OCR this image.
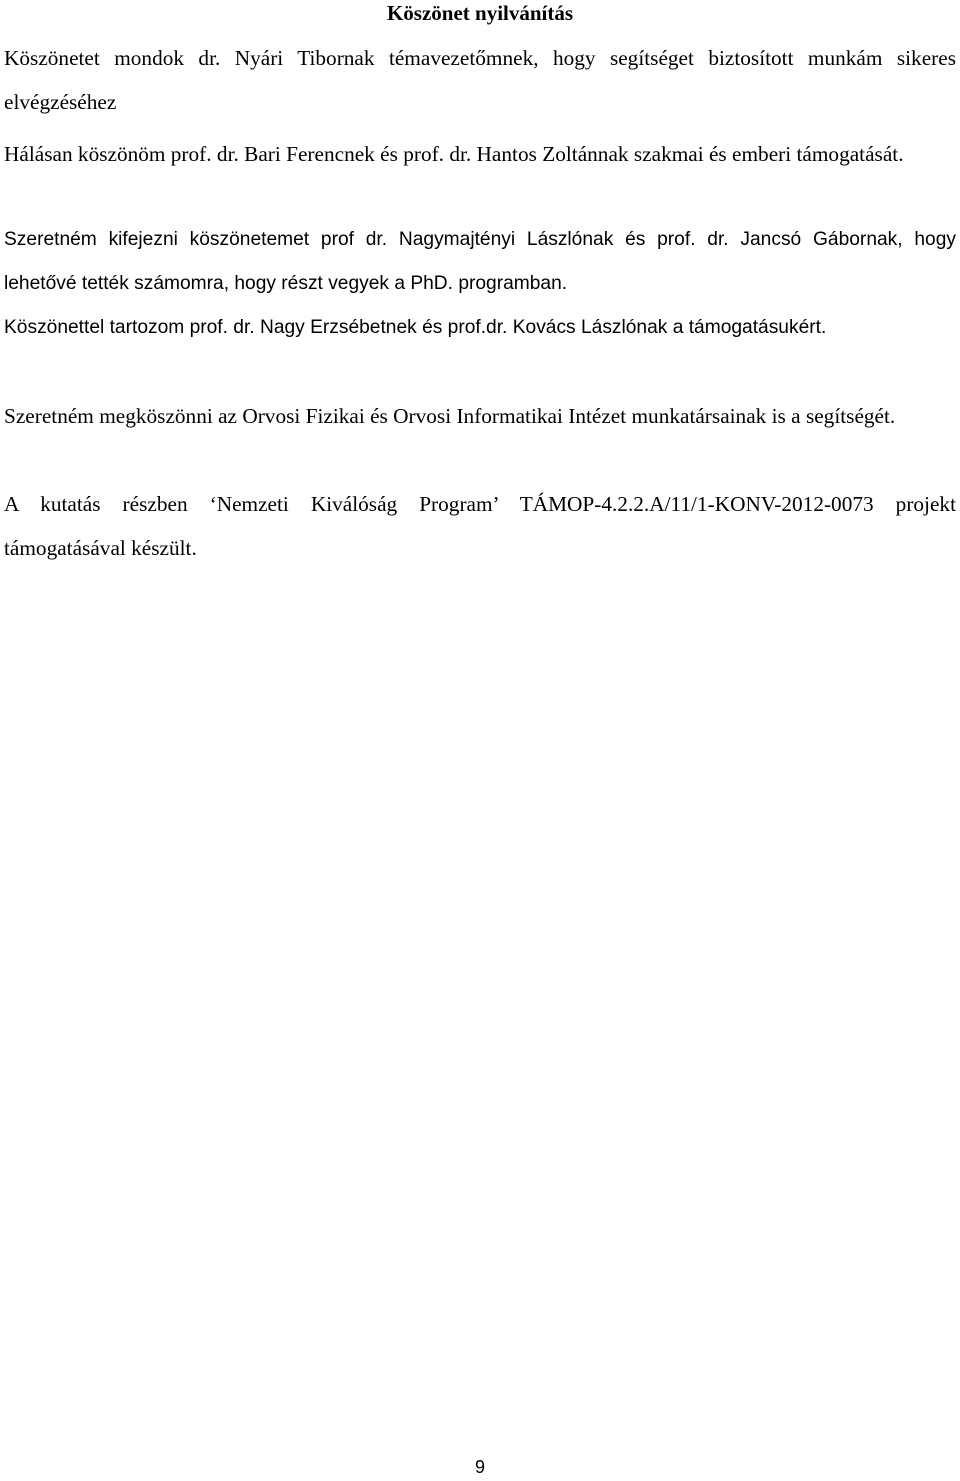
Köszönet nyilvánítás

Köszönetet mondok dr. Nyári Tibornak témavezetőmnek, hogy segítséget biztosított munkám sikeres elvégzéséhez

Hálásan köszönöm prof. dr. Bari Ferencnek és prof. dr. Hantos Zoltánnak szakmai és emberi támogatását.

Szeretném kifejezni köszönetemet prof dr. Nagymajtényi Lászlónak és prof. dr. Jancsó Gábornak, hogy lehetővé tették számomra, hogy részt vegyek a PhD. programban.

Köszönettel tartozom prof. dr. Nagy Erzsébetnek és prof.dr. Kovács Lászlónak a támogatásukért.

Szeretném megköszönni az Orvosi Fizikai és Orvosi Informatikai Intézet munkatársainak is a segítségét.

A kutatás részben ‘Nemzeti Kiválóság Program’ TÁMOP-4.2.2.A/11/1-KONV-2012-0073 projekt támogatásával készült.

9
